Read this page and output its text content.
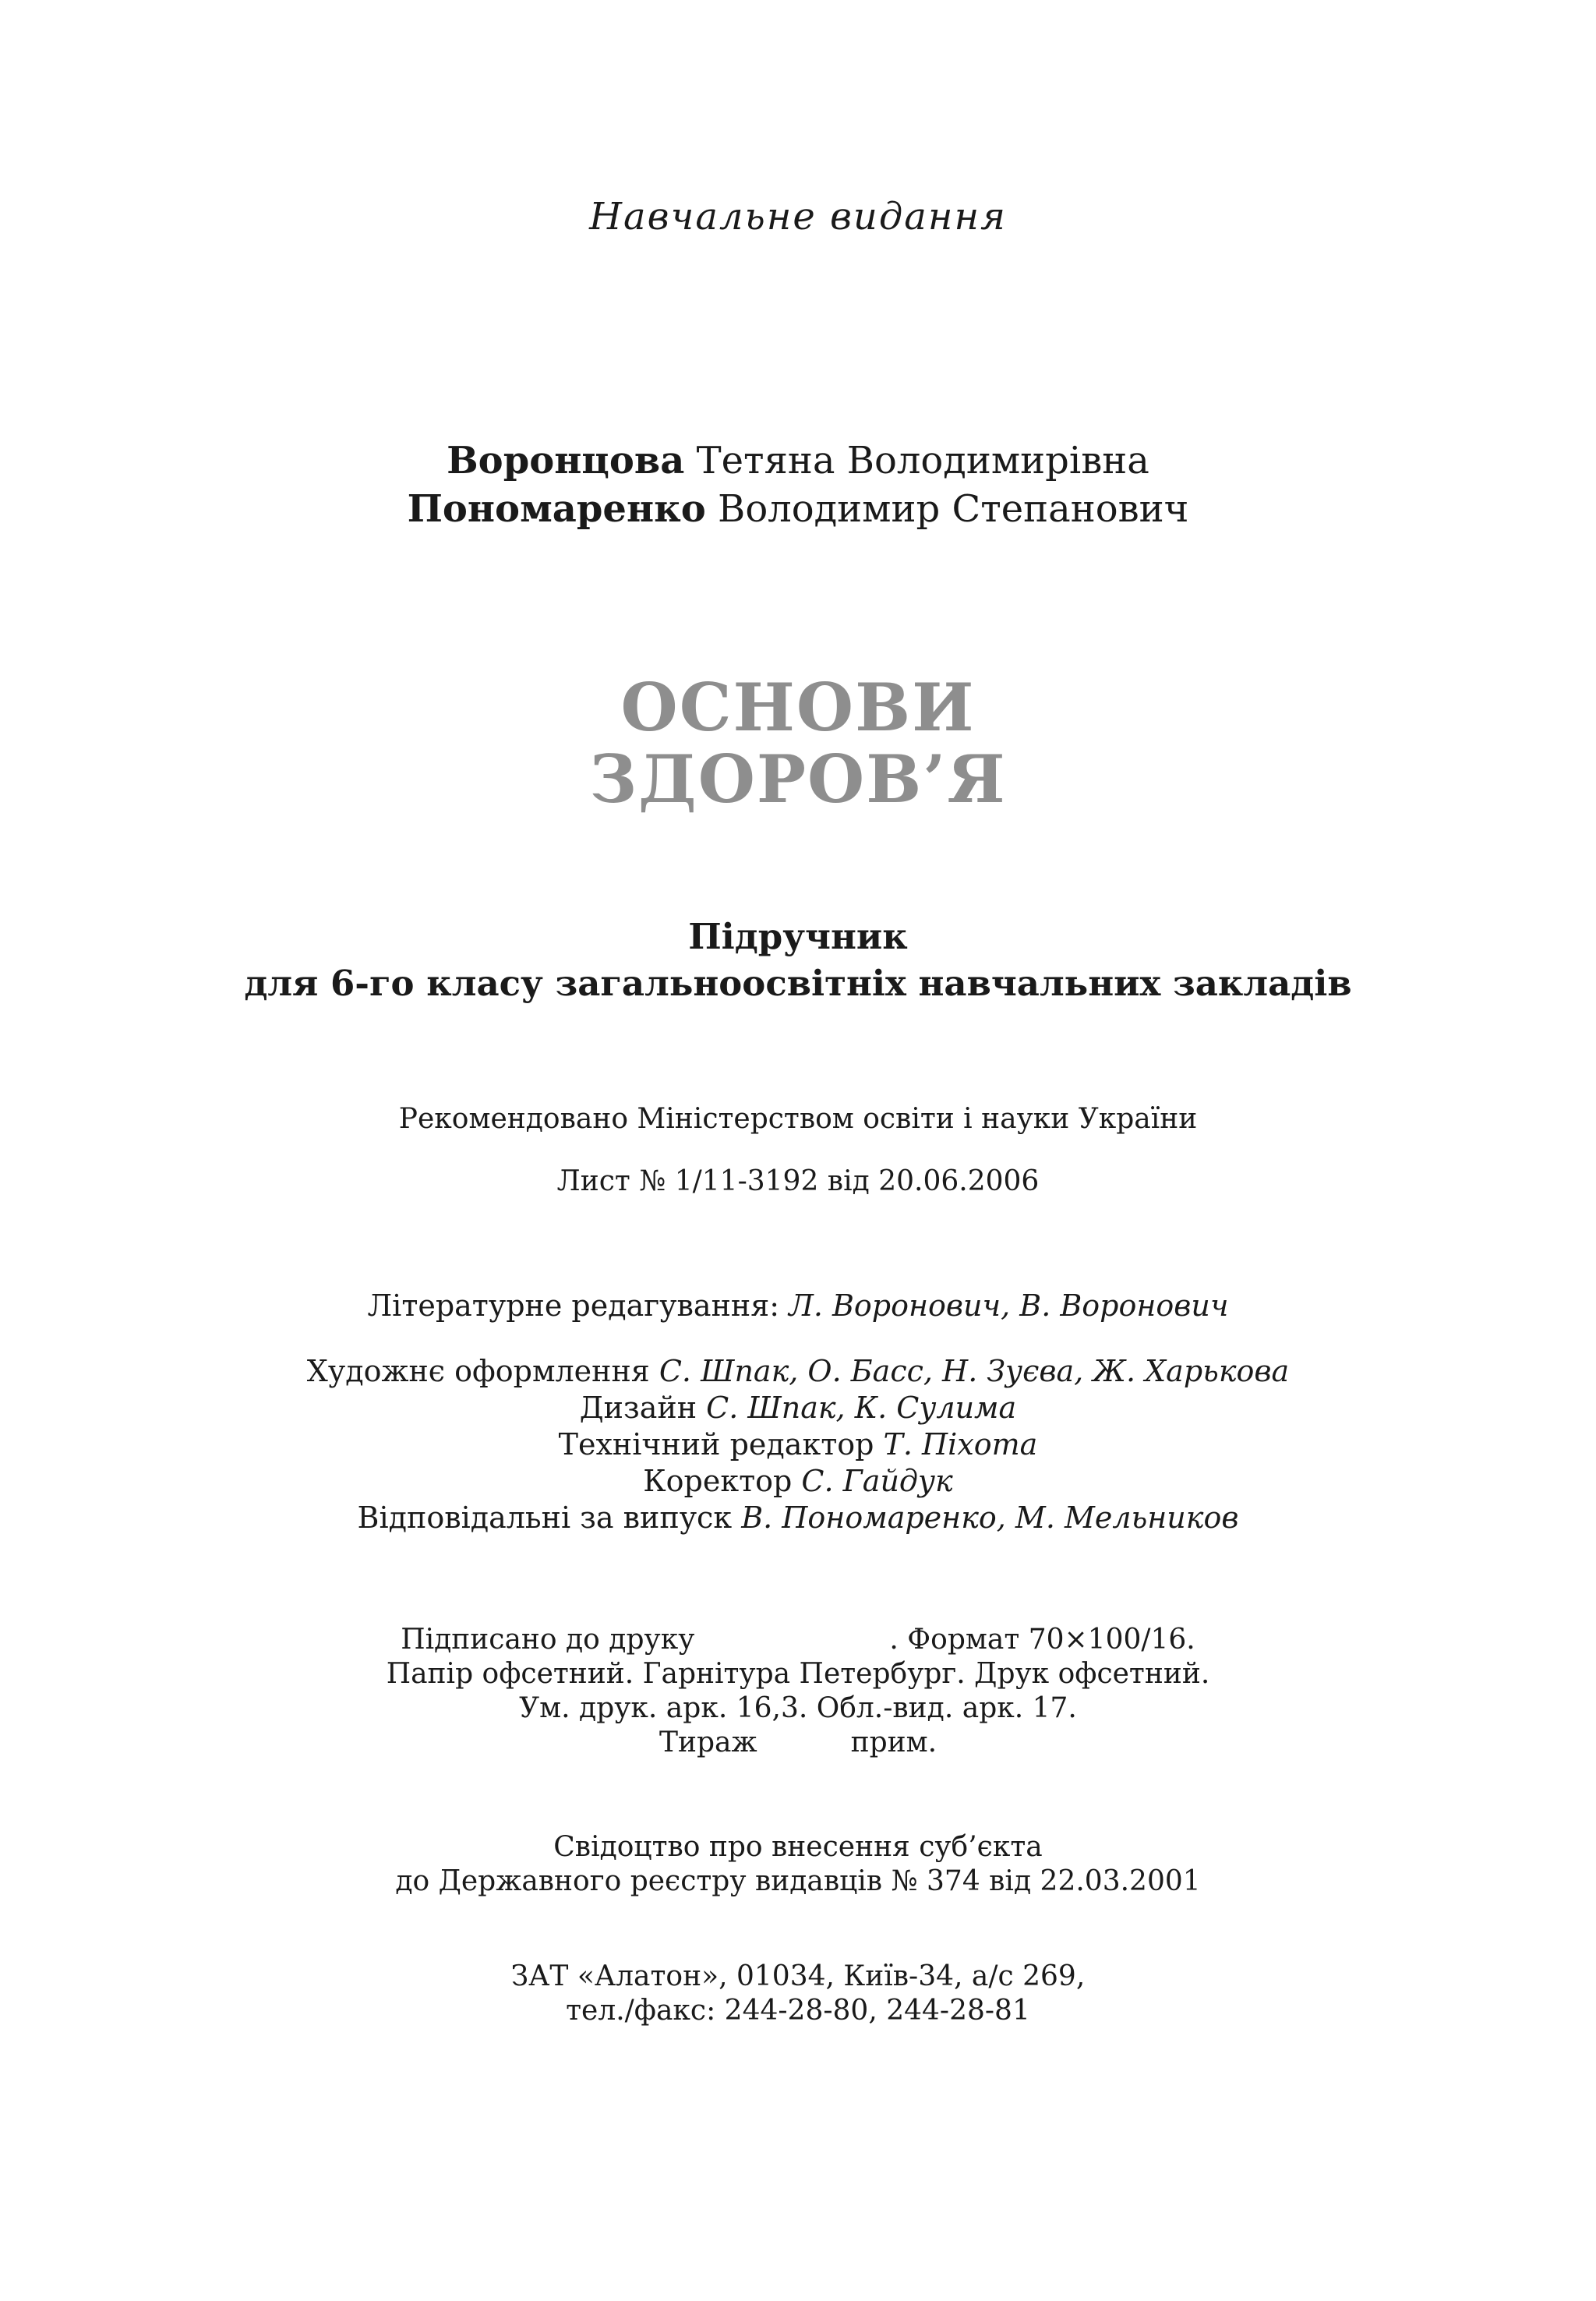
Навчальне видання
Воронцова Тетяна Володимирівна
Пономаренко Володимир Степанович
ОСНОВИ
ЗДОРОВ’Я
Підручник
для 6-го класу загальноосвітніх навчальних закладів
Рекомендовано Міністерством освіти і науки України
Лист № 1/11-3192 від 20.06.2006
Літературне редагування: Л. Воронович, В. Воронович
Художнє оформлення С. Шпак, О. Басс, Н. Зуєва, Ж. Харькова
Дизайн С. Шпак, К. Сулима
Технічний редактор Т. Піхота
Коректор С. Гайдук
Відповідальні за випуск В. Пономаренко, М. Мельников
Підписано до друку	. Формат 70×100/16.
Папір офсетний. Гарнітура Петербург. Друк офсетний.
Ум. друк. арк. 16,3. Обл.-вид. арк. 17.
Тираж	прим.
Свідоцтво про внесення суб’єкта
до Державного реєстру видавців № 374 від 22.03.2001
ЗАТ «Алатон», 01034, Київ-34, а/с 269,
тел./факс: 244-28-80, 244-28-81
